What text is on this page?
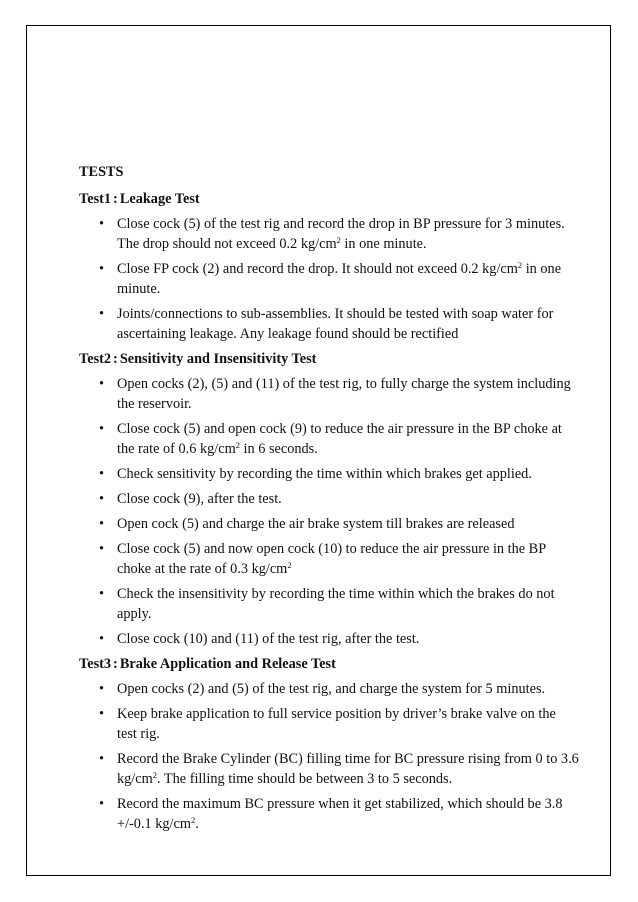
TESTS
Test1 : Leakage Test
• Close cock (5) of the test rig and record the drop in BP pressure for 3 minutes. The drop should not exceed 0.2 $kg/cm^2$ in one minute.
• Close FP cock (2) and record the drop. It should not exceed 0.2 $kg/cm^2$ in one minute.
• Joints/connections to sub-assemblies. It should be tested with soap water for ascertaining leakage. Any leakage found should be rectified
Test2 : Sensitivity and Insensitivity Test
• Open cocks (2), (5) and (11) of the test rig, to fully charge the system including the reservoir.
• Close cock (5) and open cock (9) to reduce the air pressure in the BP choke at the rate of 0.6 $kg/cm^2$ in 6 seconds.
• Check sensitivity by recording the time within which brakes get applied.
• Close cock (9), after the test.
• Open cock (5) and charge the air brake system till brakes are released
• Close cock (5) and now open cock (10) to reduce the air pressure in the BP choke at the rate of 0.3 $kg/cm^2$
• Check the insensitivity by recording the time within which the brakes do not apply.
• Close cock (10) and (11) of the test rig, after the test.
Test3 : Brake Application and Release Test
• Open cocks (2) and (5) of the test rig, and charge the system for 5 minutes.
• Keep brake application to full service position by driver’s brake valve on the test rig.
• Record the Brake Cylinder (BC) filling time for BC pressure rising from 0 to 3.6 $kg/cm^2$. The filling time should be between 3 to 5 seconds.
• Record the maximum BC pressure when it get stabilized, which should be 3.8 +/-0.1 $kg/cm^2$.
